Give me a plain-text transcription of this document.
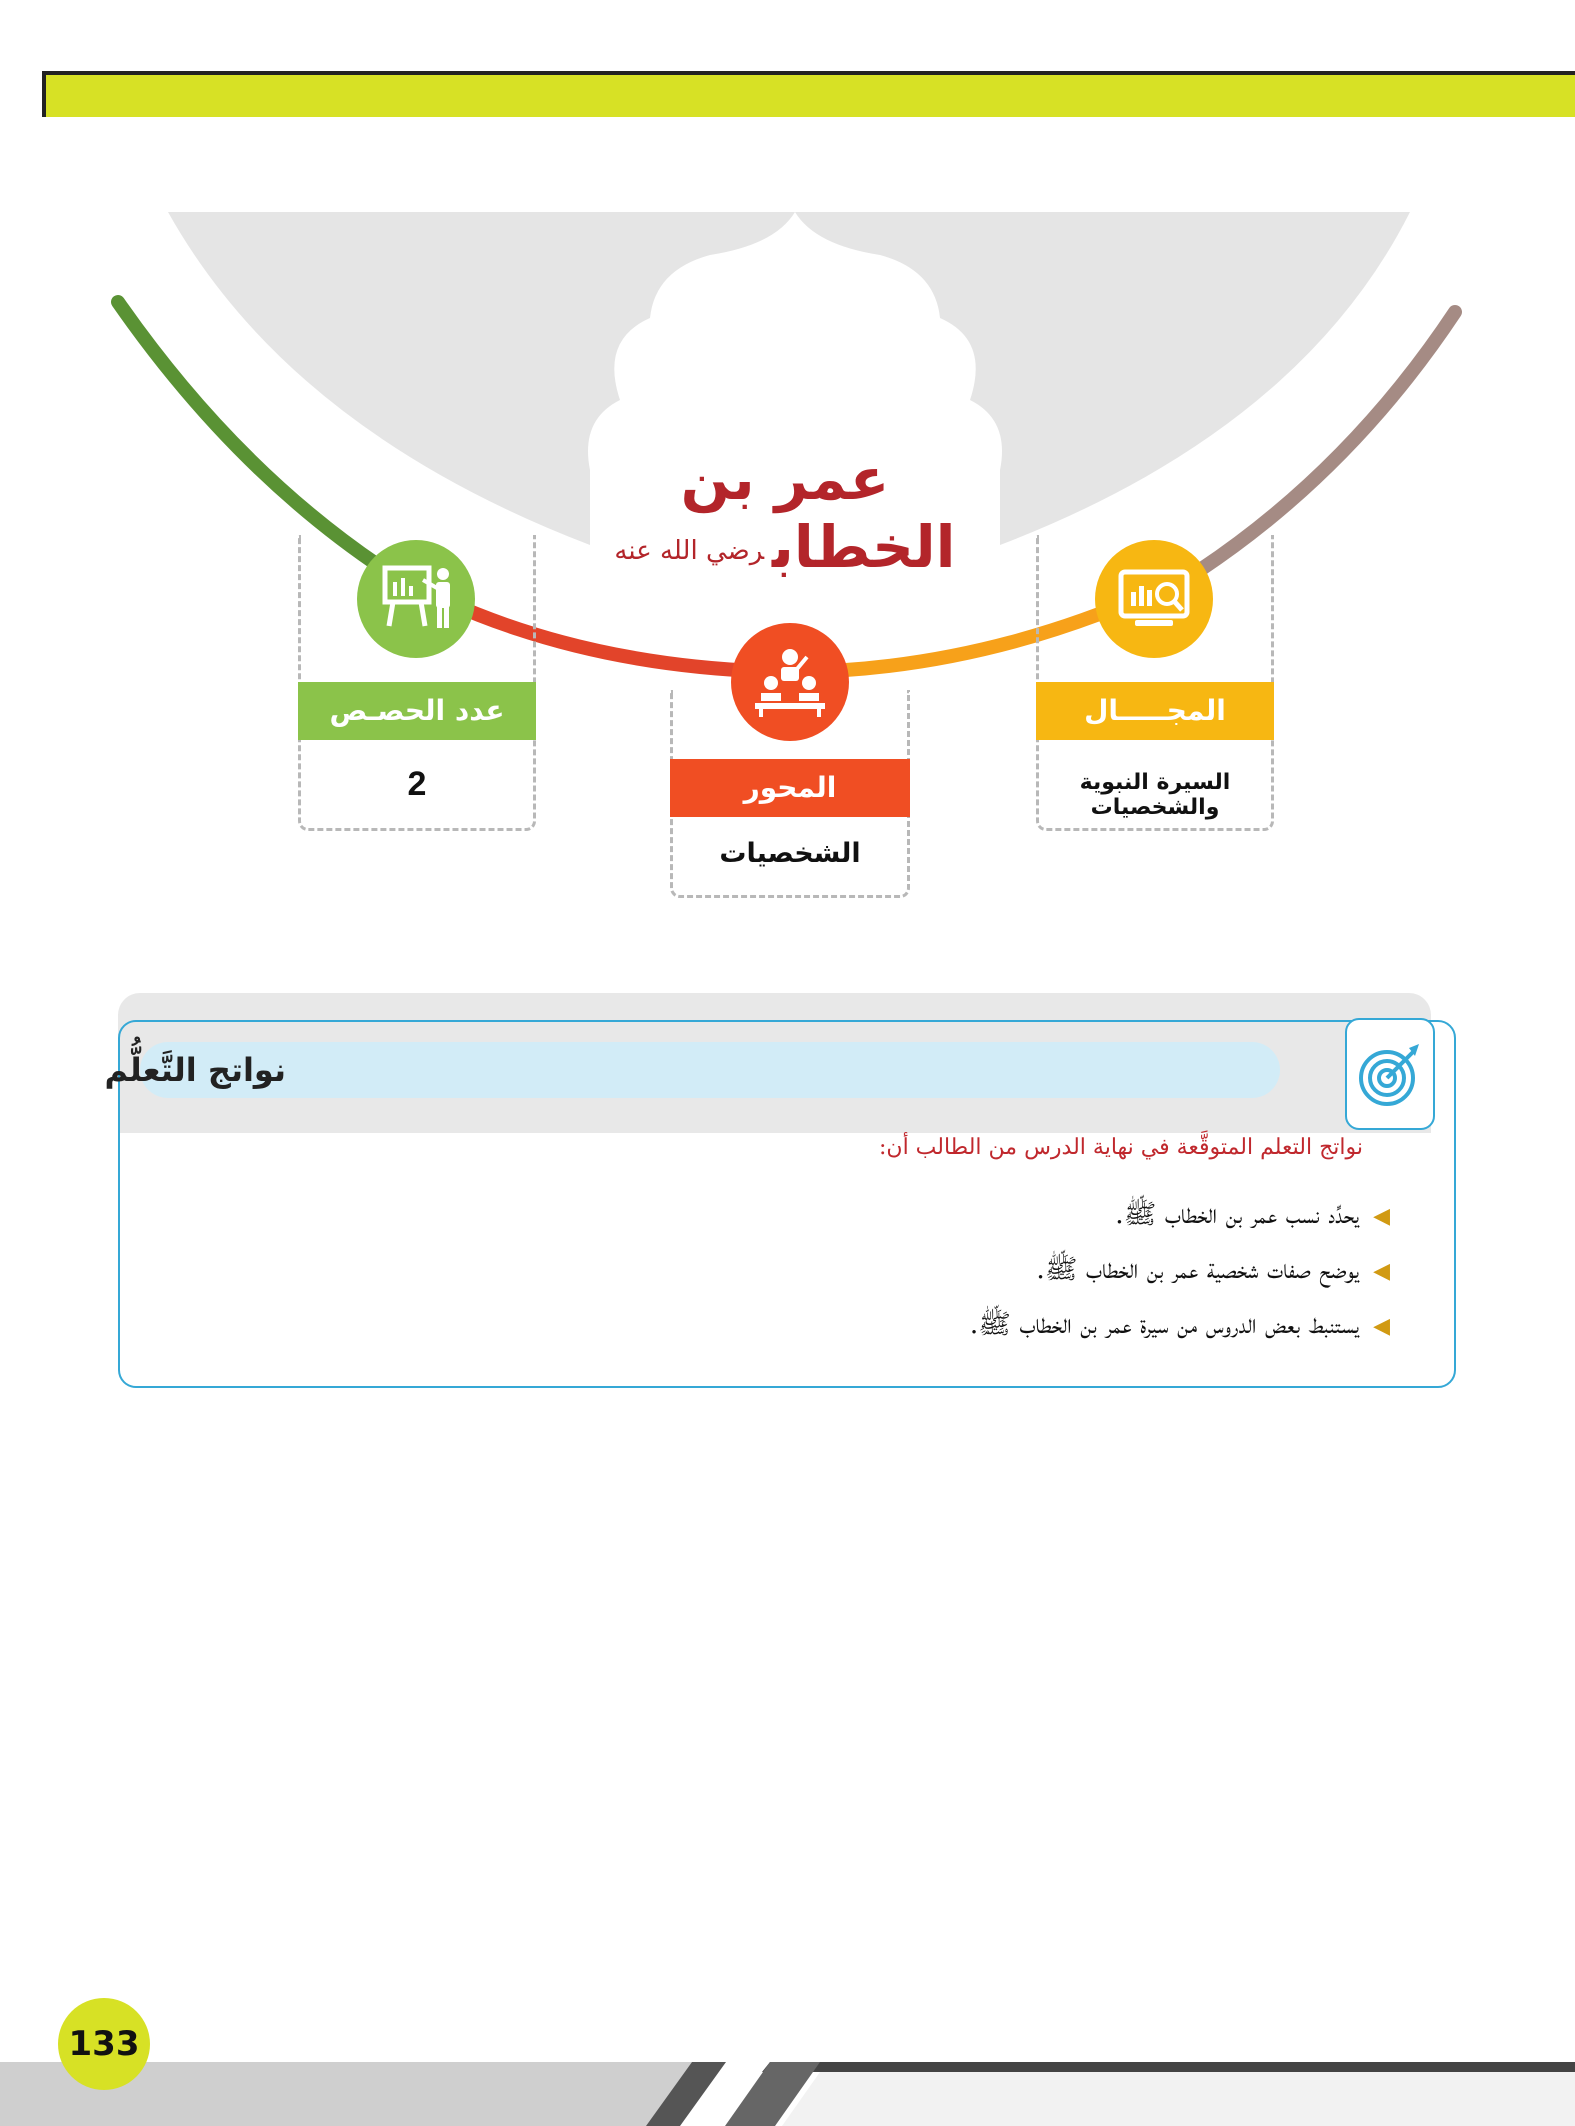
عمر بن الخطابرضي الله عنه
عدد الحصـص
2	المحور
الشخصيات
المجـــــال
السيرة النبوية والشخصيات
نواتج التَّعلُّم
نواتج التعلم المتوقَّعة في نهاية الدرس من الطالب أن:
◀يحدِّد نسب عمر بن الخطاب ﷺ.
◀يوضح صفات شخصية عمر بن الخطاب ﷺ.
◀يستنبط بعض الدروس من سيرة عمر بن الخطاب ﷺ.
133
